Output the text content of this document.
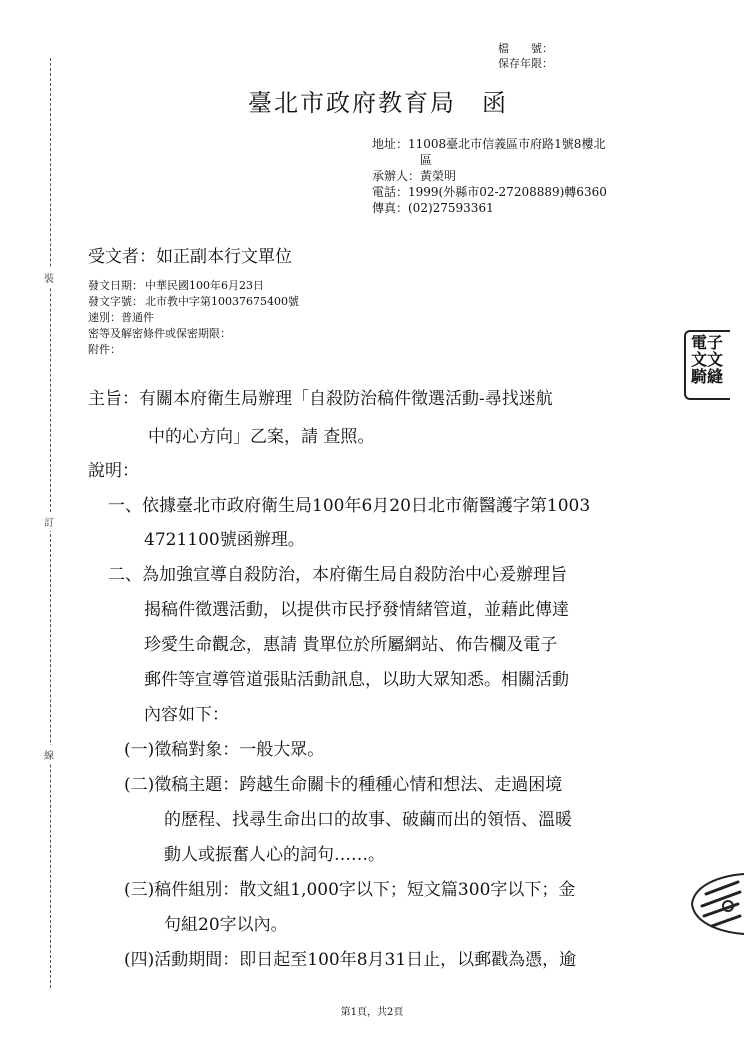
裝
訂
線
檔　　號：
保存年限：
臺北市政府教育局 函
地址：11008臺北市信義區市府路1號8樓北
區
承辦人：黃榮明
電話：1999(外縣市02-27208889)轉6360
傳真：(02)27593361
受文者：如正副本行文單位
發文日期： 中華民國100年6月23日
發文字號： 北市教中字第10037675400號
速別：普通件
密等及解密條件或保密期限：
附件：
主旨：有關本府衛生局辦理「自殺防治稿件徵選活動-尋找迷航
中的心方向」乙案，請 查照。
說明：
一、依據臺北市政府衛生局100年6月20日北市衛醫護字第1003
4721100號函辦理。
二、為加強宣導自殺防治，本府衛生局自殺防治中心爰辦理旨
揭稿件徵選活動，以提供市民抒發情緒管道，並藉此傳達
珍愛生命觀念，惠請 貴單位於所屬網站、佈告欄及電子
郵件等宣導管道張貼活動訊息，以助大眾知悉。相關活動
內容如下：
(一)徵稿對象：一般大眾。
(二)徵稿主題：跨越生命關卡的種種心情和想法、走過困境
的歷程、找尋生命出口的故事、破繭而出的領悟、溫暖
動人或振奮人心的詞句……。
(三)稿件組別：散文組1,000字以下；短文篇300字以下；金
句組20字以內。
(四)活動期間：即日起至100年8月31日止，以郵戳為憑，逾
電子文文騎縫
第1頁，共2頁
